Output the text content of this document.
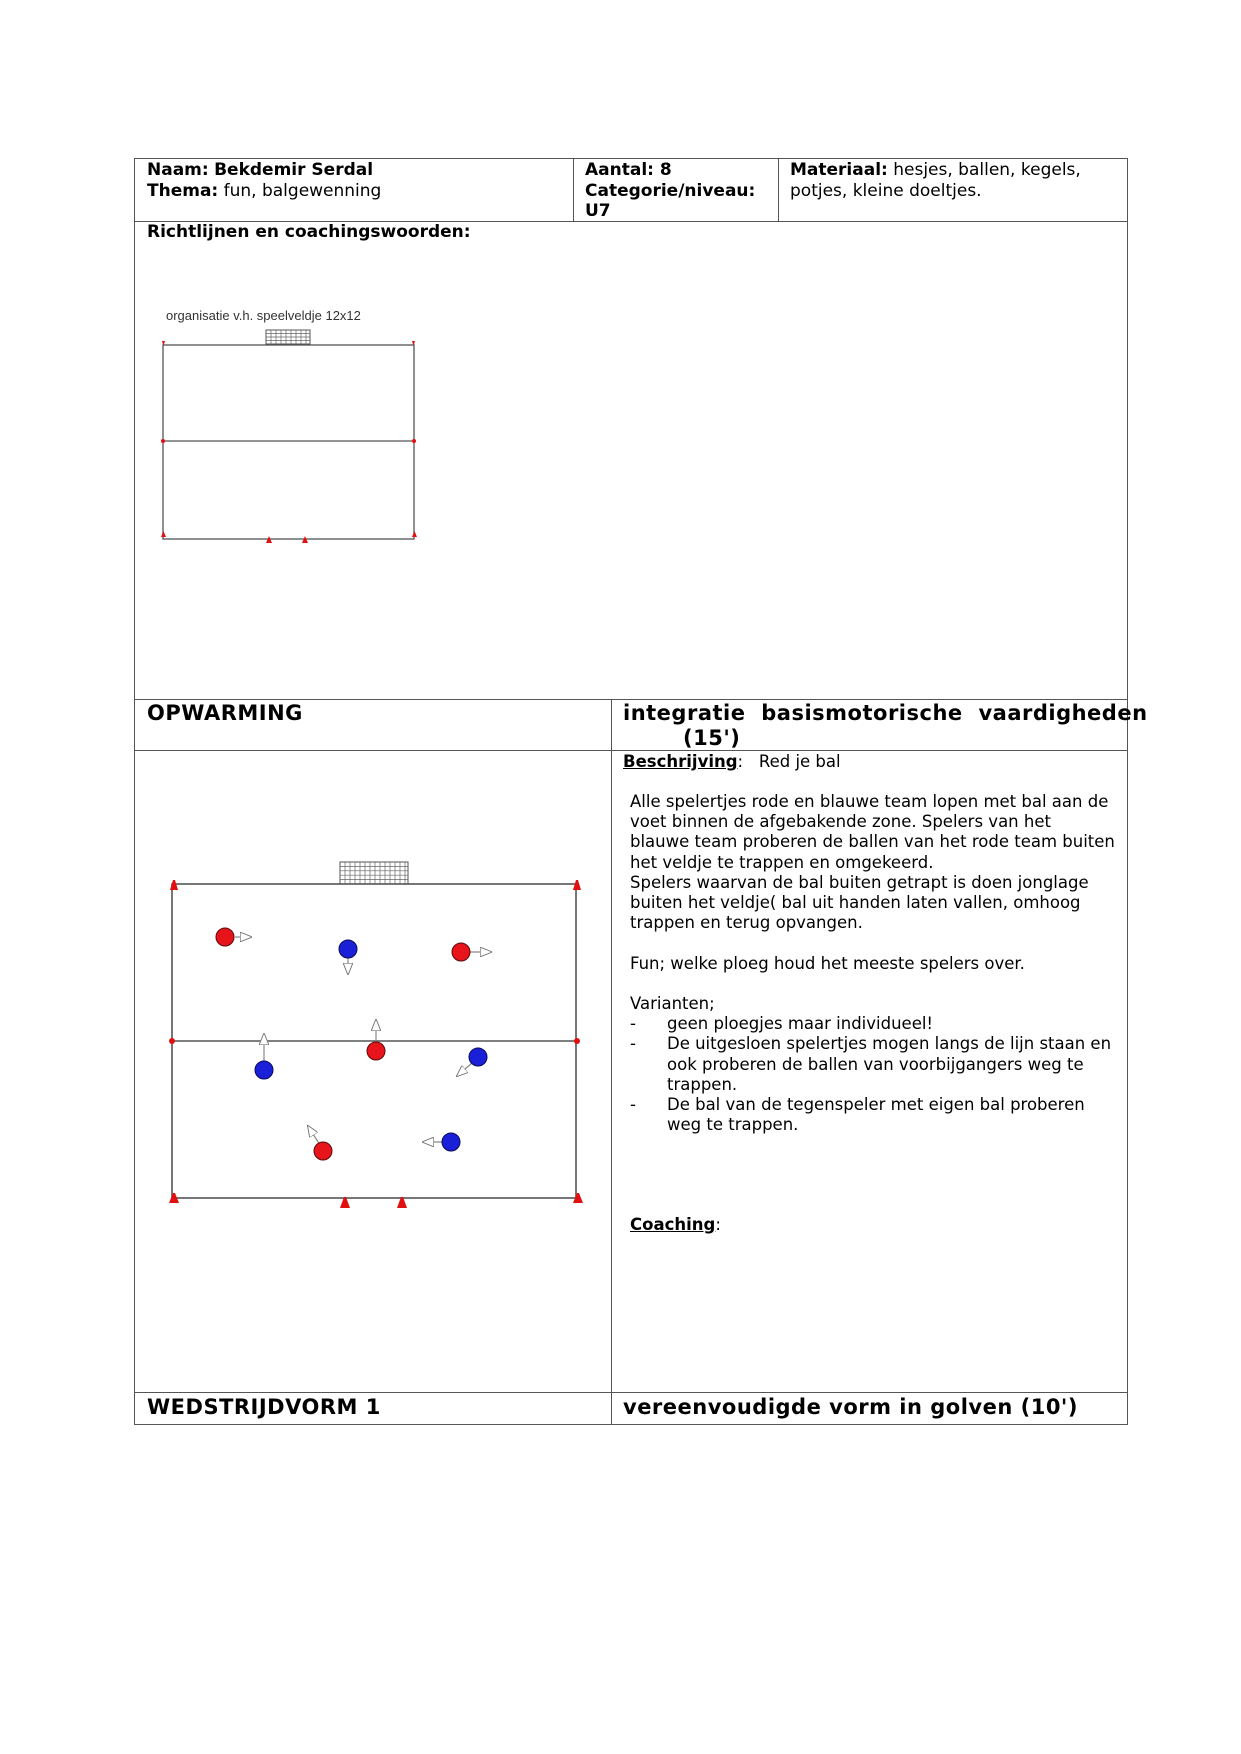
Naam: Bekdemir Serdal
Thema: fun, balgewenning
Aantal: 8
Categorie/niveau:
U7
Materiaal: hesjes, ballen, kegels,
potjes, kleine doeltjes.
Richtlijnen en coachingswoorden:
organisatie v.h. speelveldje 12x12
OPWARMING	integratie basismotorische vaardigheden
(15')
Beschrijving: Red je bal
Alle spelertjes rode en blauwe team lopen met bal aan de
voet binnen de afgebakende zone. Spelers van het
blauwe team proberen de ballen van het rode team buiten
het veldje te trappen en omgekeerd.
Spelers waarvan de bal buiten getrapt is doen jonglage
buiten het veldje( bal uit handen laten vallen, omhoog
trappen en terug opvangen.
Fun; welke ploeg houd het meeste spelers over.
Varianten;
- geen ploegjes maar individueel!
- De uitgesloen spelertjes mogen langs de lijn staan en
ook proberen de ballen van voorbijgangers weg te
trappen.
- De bal van de tegenspeler met eigen bal proberen
weg te trappen.
Coaching:
WEDSTRIJDVORM 1	vereenvoudigde vorm in golven (10')
